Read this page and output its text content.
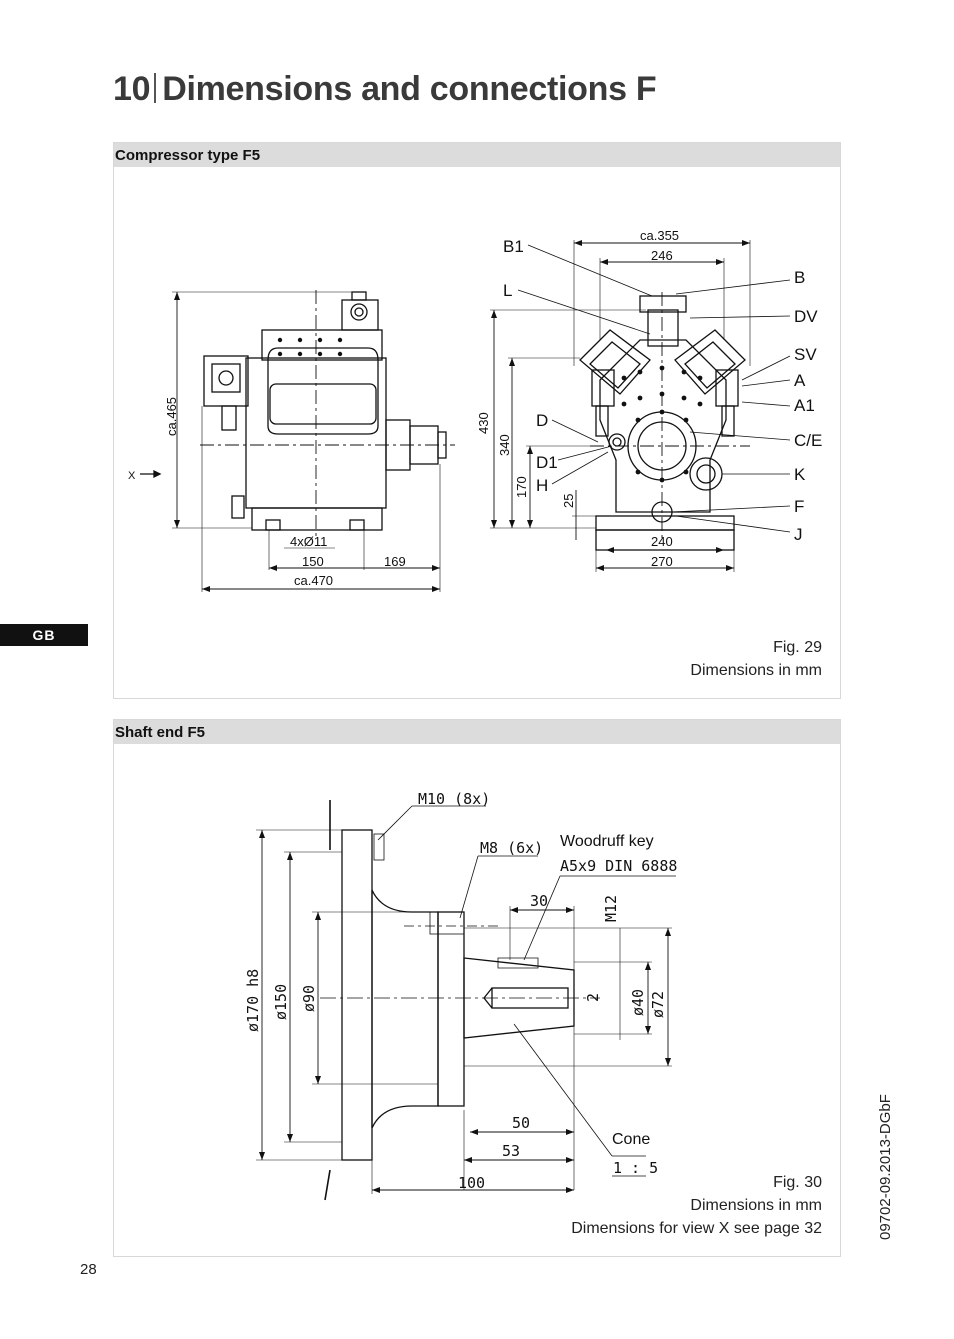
10 Dimensions and connections F
GB
Compressor type F5
Fig. 29
Dimensions in mm
Shaft end F5
Fig. 30
Dimensions in mm
Dimensions for view X see page 32
28
09702-09.2013-DGbF
B1
L
D
D1
H
B
DV
SV
A
A1
C/E
K
F
J
X
ca.355
246
ca.465	430
340
170
25
4xØ11
150	169
ca.470
240
270
M10 (8x)
M8 (6x)
A5x9 DIN 6888
30	M12
2 ø40 ø72
ø170 h8 ø150 ø90
50
53
100
1 : 5
Woodruff key
Cone
